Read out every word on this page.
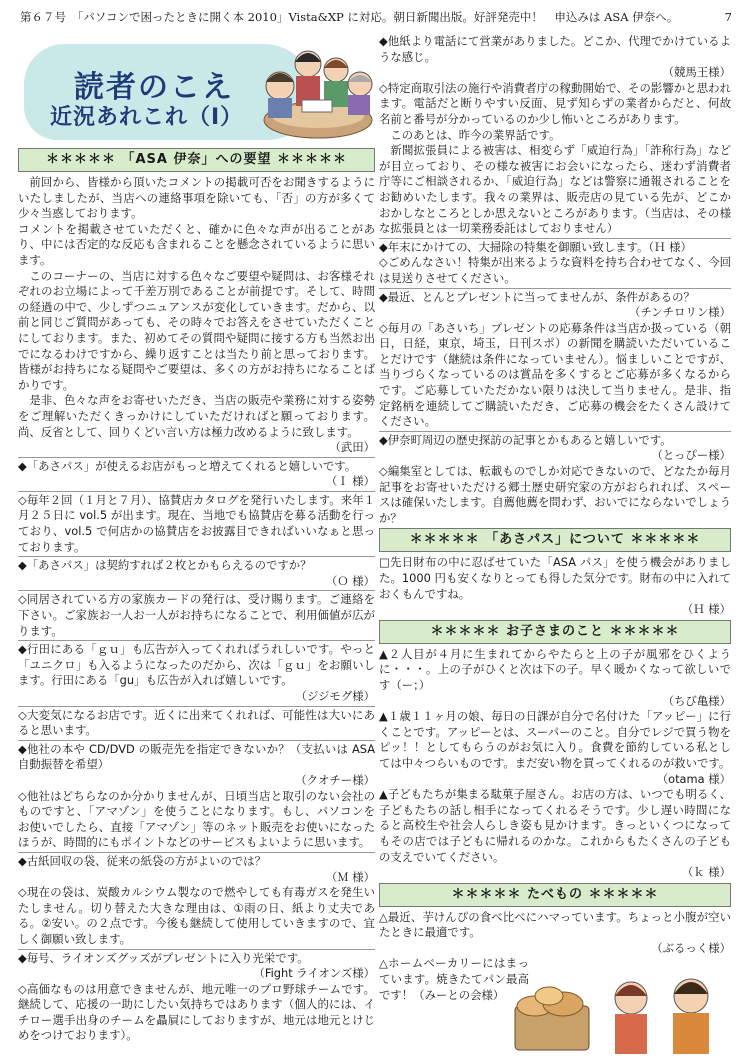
第６７号　「パソコンで困ったときに開く本 2010」Vista&XP に対応。朝日新聞出版。好評発売中！　申込みは ASA 伊奈へ。	7
読者のこえ
近況あれこれ（Ⅰ）
＊＊＊＊＊ 「ASA 伊奈」への要望 ＊＊＊＊＊

前回から、皆様から頂いたコメントの掲載可否をお聞きするようにいたしましたが、当店への連絡事項を除いても、「否」の方が多くて少々当惑しております。

コメントを掲載させていただくと、確かに色々な声が出ることがあり、中には否定的な反応も含まれることを懸念されているように思います。

このコーナーの、当店に対する色々なご要望や疑問は、お客様それぞれのお立場によって千差万別であることが前提です。そして、時間の経過の中で、少しずつニュアンスが変化していきます。だから、以前と同じご質問があっても、その時々でお答えをさせていただくことにしております。また、初めてその質問や疑問に接する方も当然お出でになるわけですから、繰り返すことは当たり前と思っております。皆様がお持ちになる疑問やご要望は、多くの方がお持ちになることばかりです。

是非、色々な声をお寄せいただき、当店の販売や業務に対する姿勢をご理解いただくきっかけにしていただければと願っております。尚、反省として、回りくどい言い方は極力改めるように致します。

（武田）

◆「あさパス」が使えるお店がもっと増えてくれると嬉しいです。

（Ｉ 様）

◇毎年２回（１月と７月）、協賛店カタログを発行いたします。来年１月２５日に vol.5 が出ます。現在、当地でも協賛店を募る活動を行っており、vol.5 で何店かの協賛店をお披露目できればいいなぁと思っております。

◆「あさパス」は契約すれば２枚とかもらえるのですか？

（Ｏ 様）

◇同居されている方の家族カードの発行は、受け賜ります。ご連絡を下さい。ご家族お一人お一人がお持ちになることで、利用価値が広がります。

◆行田にある「ｇｕ」も広告が入ってくれればうれしいです。やっと「ユニクロ」も入るようになったのだから、次は「ｇｕ」をお願いします。行田にある「gu」も広告が入れば嬉しいです。

（ジジモグ様）

◇大変気になるお店です。近くに出来てくれれば、可能性は大いにあると思います。

◆他社の本や CD/DVD の販売先を指定できないか？（支払いは ASA 自動振替を希望）

（クオチー様）

◇他社はどちらなのか分かりませんが、日頃当店と取引のない会社のものですと、「アマゾン」を使うことになります。もし、パソコンをお使いでしたら、直接「アマゾン」等のネット販売をお使いになったほうが、時間的にもポイントなどのサービスもよいように思います。

◆古紙回収の袋、従来の紙袋の方がよいのでは？

（Ｍ 様）

◇現在の袋は、炭酸カルシウム製なので燃やしても有毒ガスを発生いたしません。切り替えた大きな理由は、①雨の日、紙より丈夫である。②安い。の２点です。今後も継続して使用していきますので、宜しく御願い致します。

◆毎号、ライオンズグッズがプレゼントに入り光栄です。

（Fight ライオンズ様）

◇高価なものは用意できませんが、地元唯一のプロ野球チームです。継続して、応援の一助にしたい気持ちではあります（個人的には、イチロー選手出身のチームを贔屓にしておりますが、地元は地元とけじめをつけております）。

◆他紙より電話にて営業がありました。どこか、代理でかけているような感じ。

（競馬王様）

◇特定商取引法の施行や消費者庁の稼動開始で、その影響かと思われます。電話だと断りやすい反面、見ず知らずの業者からだと、何故名前と番号が分かっているのか少し怖いところがあります。

このあとは、昨今の業界話です。

新聞拡張員による被害は、相変らず「威迫行為」「詐称行為」などが目立っており、その様な被害にお会いになったら、迷わず消費者庁等にご相談されるか、「威迫行為」などは警察に通報されることをお勧めいたします。我々の業界は、販売店の見ている先が、どこかおかしなところとしか思えないところがあります。（当店は、その様な拡張員とは一切業務委託はしておりません）

◆年末にかけての、大掃除の特集を御願い致します。（Ｈ 様）

◇ごめんなさい！特集が出来るような資料を持ち合わせてなく、今回は見送りさせてください。

◆最近、とんとプレゼントに当ってませんが、条件があるの？

（チンチロリン様）

◇毎月の「あさいち」プレゼントの応募条件は当店か扱っている（朝日，日経，東京，埼玉，日刊スポ）の新聞を購読いただいていることだけです（継続は条件になっていません）。悩ましいことですが、当りづらくなっているのは賞品を多くするとご応募が多くなるからです。ご応募していただかない限りは決して当りません。是非、指定銘柄を連続してご購読いただき、ご応募の機会をたくさん設けてください。

◆伊奈町周辺の歴史探訪の記事とかもあると嬉しいです。

（とっぴー様）

◇編集室としては、転載ものでしか対応できないので、どなたか毎月記事をお寄せいただける郷土歴史研究家の方がおられれば、スペースは確保いたします。自薦他薦を問わず、おいでにならないでしょうか？

＊＊＊＊＊ 「あさパス」について ＊＊＊＊＊

□先日財布の中に忍ばせていた「ASA パス」を使う機会がありました。1000 円も安くなりとっても得した気分です。財布の中に入れておくもんですね。

（Ｈ 様）
＊＊＊＊＊ お子さまのこと ＊＊＊＊＊

▲２人目が４月に生まれてからやたらと上の子が風邪をひくように・・・。上の子がひくと次は下の子。早く暖かくなって欲しいです（ー；）

（ちび亀様）

▲１歳１１ヶ月の娘、毎日の日課が自分で名付けた「アッピー」に行くことです。アッピーとは、スーパーのこと。自分でレジで買う物をピッ！！としてもらうのがお気に入り。食費を節約している私としては中々つらいものです。まだ安い物を買ってくれるのが救いです。

（otama 様）

▲子どもたちが集まる駄菓子屋さん。お店の方は、いつでも明るく、子どもたちの話し相手になってくれるそうです。少し遅い時間になると高校生や社会人らしき姿も見かけます。きっといくつになってもその店では子どもに帰れるのかな。これからもたくさんの子どもの支えでいてください。

（ｋ 様）
＊＊＊＊＊ たべもの ＊＊＊＊＊

△最近、芋けんぴの食べ比べにハマっています。ちょっと小腹が空いたときに最適です。

（ぶるっく様）

△ホームベーカリーにはまっています。焼きたてパン最高です！（みーとの会様）
